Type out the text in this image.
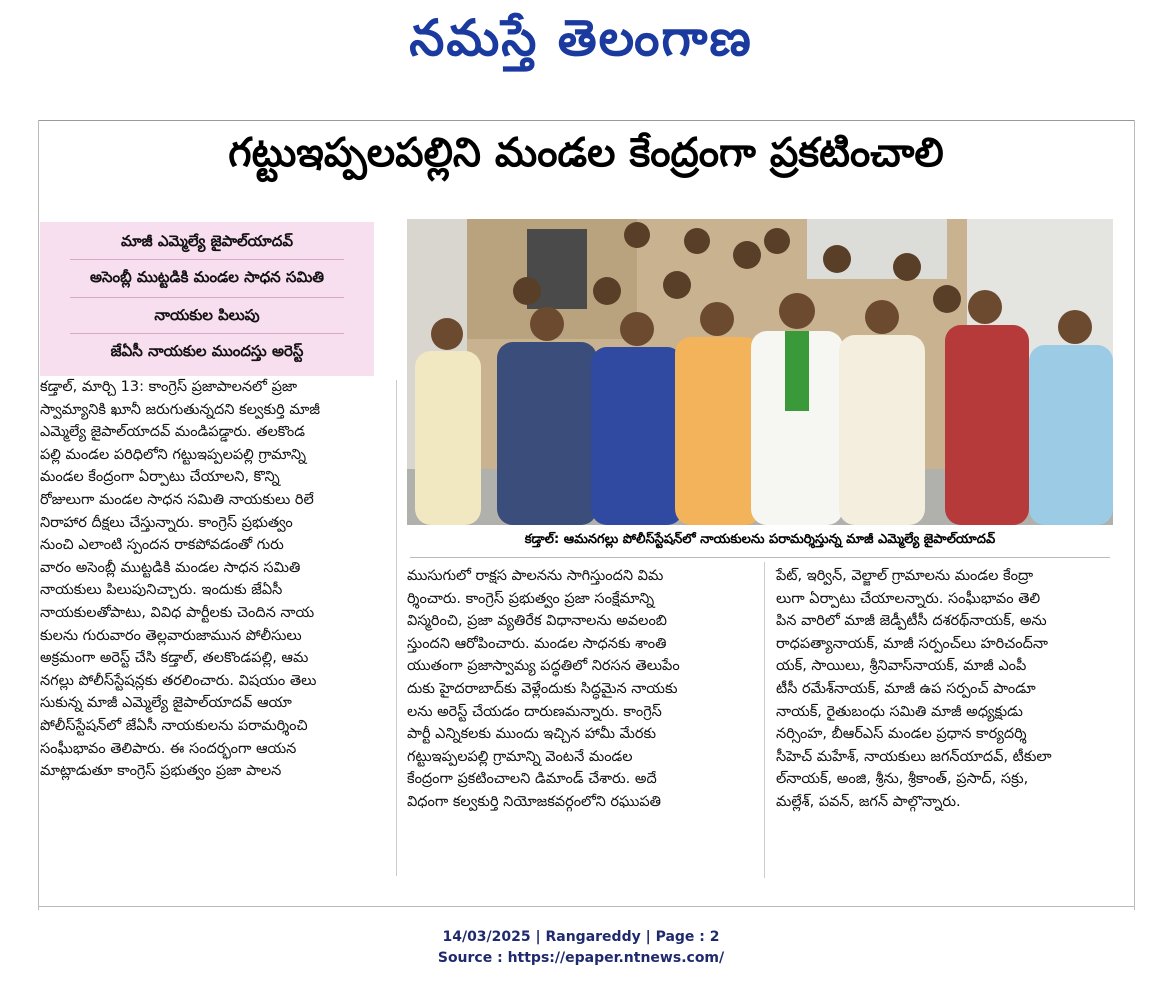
నమస్తే తెలంగాణ
గట్టుఇప్పలపల్లిని మండల కేంద్రంగా ప్రకటించాలి
మాజీ ఎమ్మెల్యే జైపాల్‌యాదవ్
అసెంబ్లీ ముట్టడికి మండల సాధన సమితి
నాయకుల పిలుపు
జేఏసీ నాయకుల ముందస్తు అరెస్ట్
కడ్తాల్: ఆమనగల్లు పోలీస్‌స్టేషన్‌లో నాయకులను పరామర్శిస్తున్న మాజీ ఎమ్మెల్యే జైపాల్‌యాదవ్

కడ్తాల్, మార్చి 13: కాంగ్రెస్ ప్రజాపాలనలో ప్రజా

స్వామ్యానికి ఖూనీ జరుగుతున్నదని కల్వకుర్తి మాజీ

ఎమ్మెల్యే జైపాల్‌యాదవ్ మండిపడ్డారు. తలకొండ

పల్లి మండల పరిధిలోని గట్టుఇప్పలపల్లి గ్రామాన్ని

మండల కేంద్రంగా ఏర్పాటు చేయాలని, కొన్ని

రోజులుగా మండల సాధన సమితి నాయకులు రిలే

నిరాహార దీక్షలు చేస్తున్నారు. కాంగ్రెస్ ప్రభుత్వం

నుంచి ఎలాంటి స్పందన రాకపోవడంతో గురు

వారం అసెంబ్లీ ముట్టడికి మండల సాధన సమితి

నాయకులు పిలుపునిచ్చారు. ఇందుకు జేఏసీ

నాయకులతోపాటు, వివిధ పార్టీలకు చెందిన నాయ

కులను గురువారం తెల్లవారుజామున పోలీసులు

అక్రమంగా అరెస్ట్ చేసి కడ్తాల్, తలకొండపల్లి, ఆమ

నగల్లు పోలీస్‌స్టేషన్లకు తరలించారు. విషయం తెలు

సుకున్న మాజీ ఎమ్మెల్యే జైపాల్‌యాదవ్ ఆయా

పోలీస్‌స్టేషన్‌లో జేఏసీ నాయకులను పరామర్శించి

సంఘీభావం తెలిపారు. ఈ సందర్భంగా ఆయన

మాట్లాడుతూ కాంగ్రెస్ ప్రభుత్వం ప్రజా పాలన

ముసుగులో రాక్షస పాలనను సాగిస్తుందని విమ

ర్శించారు. కాంగ్రెస్ ప్రభుత్వం ప్రజా సంక్షేమాన్ని

విస్మరించి, ప్రజా వ్యతిరేక విధానాలను అవలంబి

స్తుందని ఆరోపించారు. మండల సాధనకు శాంతి

యుతంగా ప్రజాస్వామ్య పద్ధతిలో నిరసన తెలుపేం

దుకు హైదరాబాద్‌కు వెళ్లేందుకు సిద్ధమైన నాయకు

లను అరెస్ట్ చేయడం దారుణమన్నారు. కాంగ్రెస్

పార్టీ ఎన్నికలకు ముందు ఇచ్చిన హామీ మేరకు

గట్టుఇప్పలపల్లి గ్రామాన్ని వెంటనే మండల

కేంద్రంగా ప్రకటించాలని డిమాండ్ చేశారు. అదే

విధంగా కల్వకుర్తి నియోజకవర్గంలోని రఘుపతి

పేట్, ఇర్విన్, వెల్జాల్ గ్రామాలను మండల కేంద్రా

లుగా ఏర్పాటు చేయాలన్నారు. సంఘీభావం తెలి

పిన వారిలో మాజీ జెడ్పీటీసీ దశరథ్‌నాయక్, అను

రాధపత్యానాయక్, మాజీ సర్పంచ్‌లు హరిచంద్‌నా

యక్, సాయిలు, శ్రీనివాస్‌నాయక్, మాజీ ఎంపీ

టీసీ రమేశ్‌నాయక్, మాజీ ఉప సర్పంచ్ పాండూ

నాయక్, రైతుబంధు సమితి మాజీ అధ్యక్షుడు

నర్సింహ, బీఆర్‌ఎస్ మండల ప్రధాన కార్యదర్శి

సీహెచ్ మహేశ్, నాయకులు జగన్‌యాదవ్, టీకులా

ల్‌నాయక్, అంజి, శ్రీను, శ్రీకాంత్, ప్రసాద్, సక్రు,

మల్లేశ్, పవన్, జగన్ పాల్గొన్నారు.

14/03/2025 | Rangareddy | Page : 2
Source : https://epaper.ntnews.com/
